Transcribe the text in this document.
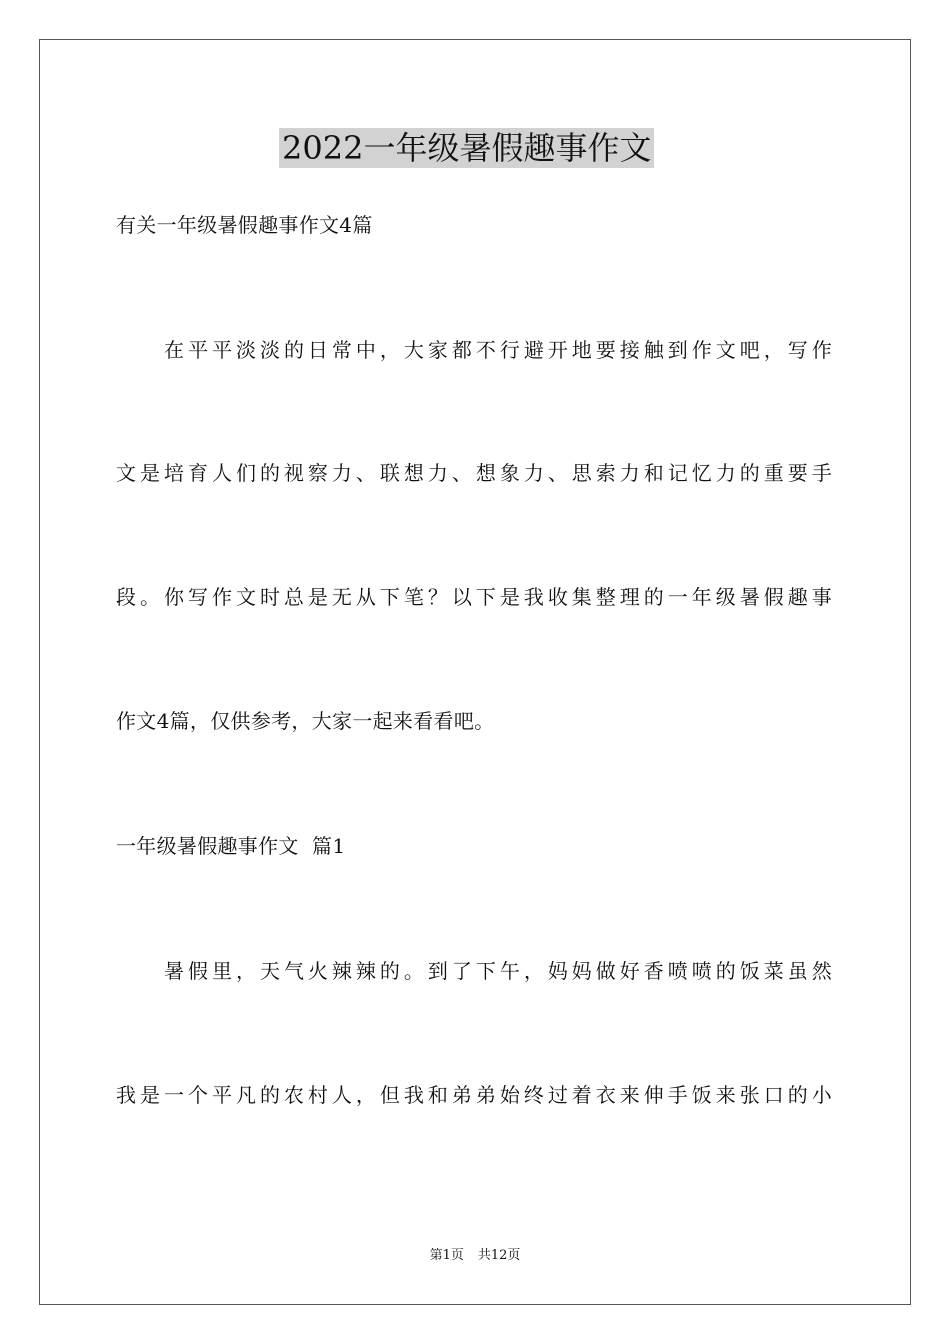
2022一年级暑假趣事作文

有关一年级暑假趣事作文4篇

在平平淡淡的日常中，大家都不行避开地要接触到作文吧，写作

文是培育人们的视察力、联想力、想象力、思索力和记忆力的重要手

段。你写作文时总是无从下笔？以下是我收集整理的一年级暑假趣事

作文4篇，仅供参考，大家一起来看看吧。

一年级暑假趣事作文  篇1

暑假里，天气火辣辣的。到了下午，妈妈做好香喷喷的饭菜虽然

我是一个平凡的农村人，但我和弟弟始终过着衣来伸手饭来张口的小

第1页 共12页
